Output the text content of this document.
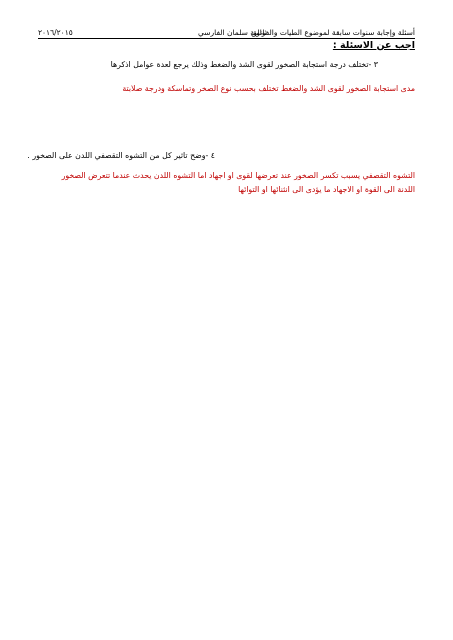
أسئلة وإجابة سنوات سابقة لموضوع الطيات والفوالق
ثانوية سلمان الفارسي
٢٠١٦/٢٠١٥
اجب عن الاسئلة :
٣ -تختلف درجة استجابة الصخور لقوى الشد والضغط وذلك يرجع لعدة عوامل اذكرها
مدى استجابة الصخور لقوى الشد والضغط تختلف بحسب نوع الصخر وتماسكة ودرجة صلابتة
٤ -وضح تاثير كل من التشوه التقصفي اللدن على الصخور .
التشوه التقصفي يسبب تكسر الصخور عند تعرضها لقوى او اجهاد اما التشوه اللدن يحدث عندما تتعرض الصخور
اللدنة الى القوة او الاجهاد ما يؤدى الى انثنائها او التوائها
